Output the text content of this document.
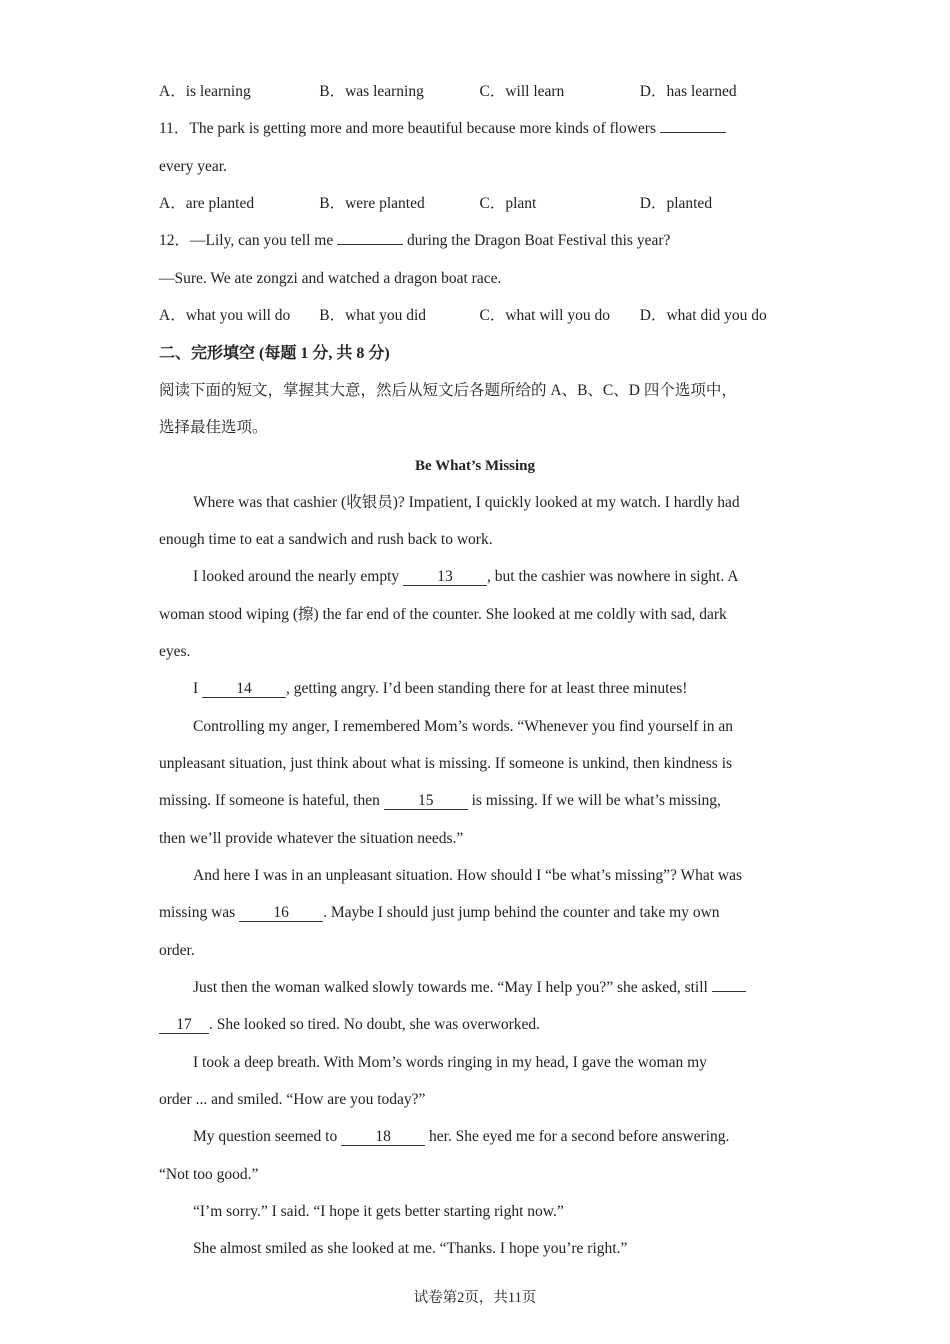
A．is learning	B．was learning	C．will learn	D．has learned
11．The park is getting more and more beautiful because more kinds of flowers
every year.
A．are planted	B．were planted	C．plant	D．planted
12．—Lily, can you tell me	during the Dragon Boat Festival this year?
—Sure. We ate zongzi and watched a dragon boat race.
A．what you will do	B．what you did	C．what will you do	D．what did you do
二、完形填空 (每题 1 分, 共 8 分)
阅读下面的短文，掌握其大意，然后从短文后各题所给的 A、B、C、D 四个选项中，
选择最佳选项。
Be What’s Missing
Where was that cashier (收银员)? Impatient, I quickly looked at my watch. I hardly had
enough time to eat a sandwich and rush back to work.
I looked around the nearly empty 13 , but the cashier was nowhere in sight. A
woman stood wiping (擦) the far end of the counter. She looked at me coldly with sad, dark
eyes.
I 14 , getting angry. I’d been standing there for at least three minutes!
Controlling my anger, I remembered Mom’s words. “Whenever you find yourself in an
unpleasant situation, just think about what is missing. If someone is unkind, then kindness is
missing. If someone is hateful, then 15 is missing. If we will be what’s missing,
then we’ll provide whatever the situation needs.”
And here I was in an unpleasant situation. How should I “be what’s missing”? What was
missing was 16 . Maybe I should just jump behind the counter and take my own
order.
Just then the woman walked slowly towards me. “May I help you?” she asked, still
17 . She looked so tired. No doubt, she was overworked.
I took a deep breath. With Mom’s words ringing in my head, I gave the woman my
order ... and smiled. “How are you today?”
My question seemed to 18 her. She eyed me for a second before answering.
“Not too good.”
“I’m sorry.” I said. “I hope it gets better starting right now.”
She almost smiled as she looked at me. “Thanks. I hope you’re right.”
试卷第2页，共11页
